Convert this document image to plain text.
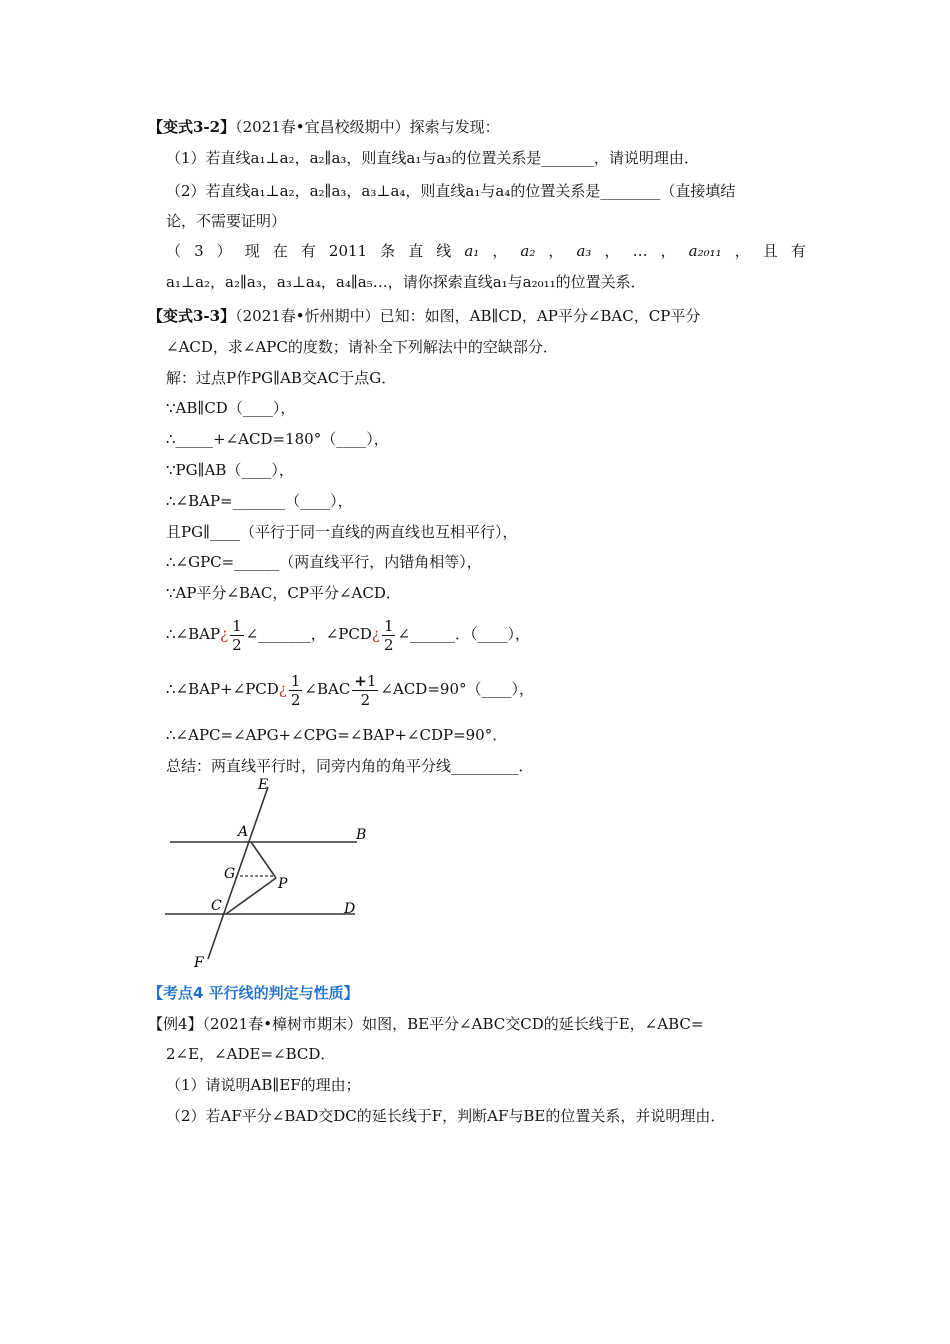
【变式3-2】（2021春•宜昌校级期中）探索与发现：
（1）若直线a₁⊥a₂，a₂∥a₃，则直线a₁与a₃的位置关系是_______，请说明理由．
（2）若直线a₁⊥a₂，a₂∥a₃，a₃⊥a₄，则直线a₁与a₄的位置关系是________（直接填结
论，不需要证明）
（ 3 ） 现 在 有 2011 条 直 线 a₁ ， a₂ ， a₃ ， … ， a₂₀₁₁ ， 且 有
a₁⊥a₂，a₂∥a₃，a₃⊥a₄，a₄∥a₅…，请你探索直线a₁与a₂₀₁₁的位置关系．
【变式3-3】（2021春•忻州期中）已知：如图，AB∥CD，AP平分∠BAC，CP平分
∠ACD，求∠APC的度数；请补全下列解法中的空缺部分．
解：过点P作PG∥AB交AC于点G．
∵AB∥CD（____），
∴_____+∠ACD=180°（____），
∵PG∥AB（____），
∴∠BAP=_______（____），
且PG∥____（平行于同一直线的两直线也互相平行），
∴∠GPC=______（两直线平行，内错角相等），
∵AP平分∠BAC，CP平分∠ACD．
∴∠BAP¿ $\frac{1}{2}$ ∠_______，∠PCD¿ $\frac{1}{2}$ ∠______．（____），
∴∠BAP+∠PCD¿ $\frac{1}{2}$ ∠BAC $\frac{+1}{2}$ ∠ACD=90°（____），
∴∠APC=∠APG+∠CPG=∠BAP+∠CDP=90°．
总结：两直线平行时，同旁内角的角平分线_________．
E
A	B
G
P
C	D
F
【考点4 平行线的判定与性质】
【例4】（2021春•樟树市期末）如图，BE平分∠ABC交CD的延长线于E，∠ABC=
2∠E，∠ADE=∠BCD．
（1）请说明AB∥EF的理由；
（2）若AF平分∠BAD交DC的延长线于F，判断AF与BE的位置关系，并说明理由．
